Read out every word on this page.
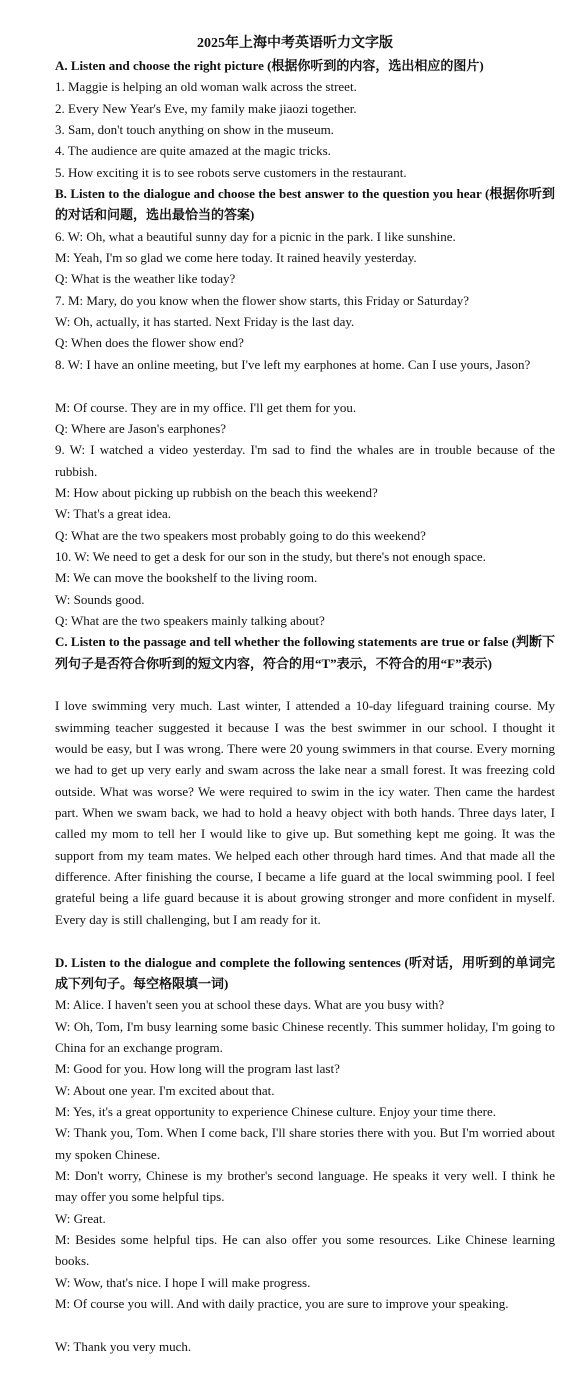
2025年上海中考英语听力文字版
A. Listen and choose the right picture (根据你听到的内容，选出相应的图片)
1. Maggie is helping an old woman walk across the street.
2. Every New Year's Eve, my family make jiaozi together.
3. Sam, don't touch anything on show in the museum.
4. The audience are quite amazed at the magic tricks.
5. How exciting it is to see robots serve customers in the restaurant.
B. Listen to the dialogue and choose the best answer to the question you hear (根据你听到的对话和问题，选出最恰当的答案)
6. W: Oh, what a beautiful sunny day for a picnic in the park. I like sunshine.
M: Yeah, I'm so glad we come here today. It rained heavily yesterday.
Q: What is the weather like today?
7. M: Mary, do you know when the flower show starts, this Friday or Saturday?
W: Oh, actually, it has started. Next Friday is the last day.
Q: When does the flower show end?
8. W: I have an online meeting, but I've left my earphones at home. Can I use yours, Jason?
M: Of course. They are in my office. I'll get them for you.
Q: Where are Jason's earphones?
9. W: I watched a video yesterday. I'm sad to find the whales are in trouble because of the rubbish.
M: How about picking up rubbish on the beach this weekend?
W: That's a great idea.
Q: What are the two speakers most probably going to do this weekend?
10. W: We need to get a desk for our son in the study, but there's not enough space.
M: We can move the bookshelf to the living room.
W: Sounds good.
Q: What are the two speakers mainly talking about?
C. Listen to the passage and tell whether the following statements are true or false (判断下列句子是否符合你听到的短文内容，符合的用“T”表示，不符合的用“F”表示)
I love swimming very much. Last winter, I attended a 10-day lifeguard training course. My swimming teacher suggested it because I was the best swimmer in our school. I thought it would be easy, but I was wrong. There were 20 young swimmers in that course. Every morning we had to get up very early and swam across the lake near a small forest. It was freezing cold outside. What was worse? We were required to swim in the icy water. Then came the hardest part. When we swam back, we had to hold a heavy object with both hands. Three days later, I called my mom to tell her I would like to give up. But something kept me going. It was the support from my team mates. We helped each other through hard times. And that made all the difference. After finishing the course, I became a life guard at the local swimming pool. I feel grateful being a life guard because it is about growing stronger and more confident in myself. Every day is still challenging, but I am ready for it.
D. Listen to the dialogue and complete the following sentences (听对话，用听到的单词完成下列句子。每空格限填一词)
M: Alice. I haven't seen you at school these days. What are you busy with?
W: Oh, Tom, I'm busy learning some basic Chinese recently. This summer holiday, I'm going to China for an exchange program.
M: Good for you. How long will the program last last?
W: About one year. I'm excited about that.
M: Yes, it's a great opportunity to experience Chinese culture. Enjoy your time there.
W: Thank you, Tom. When I come back, I'll share stories there with you. But I'm worried about my spoken Chinese.
M: Don't worry, Chinese is my brother's second language. He speaks it very well. I think he may offer you some helpful tips.
W: Great.
M: Besides some helpful tips. He can also offer you some resources. Like Chinese learning books.
W: Wow, that's nice. I hope I will make progress.
M: Of course you will. And with daily practice, you are sure to improve your speaking.
W: Thank you very much.
